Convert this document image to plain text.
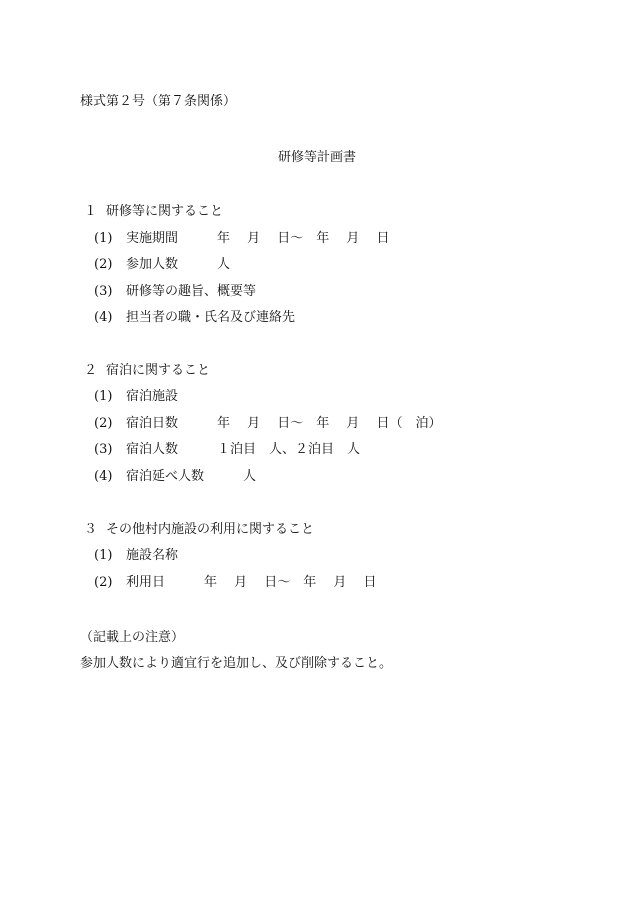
様式第２号（第７条関係）
研修等計画書
１ 研修等に関すること
(1) 実施期間　　　年　 月　 日～　年　 月　 日
(2) 参加人数　　　人
(3) 研修等の趣旨、概要等
(4) 担当者の職・氏名及び連絡先
２ 宿泊に関すること
(1) 宿泊施設
(2) 宿泊日数　　　年　 月　 日～　年　 月　 日（　泊）
(3) 宿泊人数　　　１泊目　人、２泊目　人
(4) 宿泊延べ人数　　　人
３ その他村内施設の利用に関すること
(1) 施設名称
(2) 利用日　　　年　 月　 日～　年　 月　 日
（記載上の注意）
参加人数により適宜行を追加し、及び削除すること。
